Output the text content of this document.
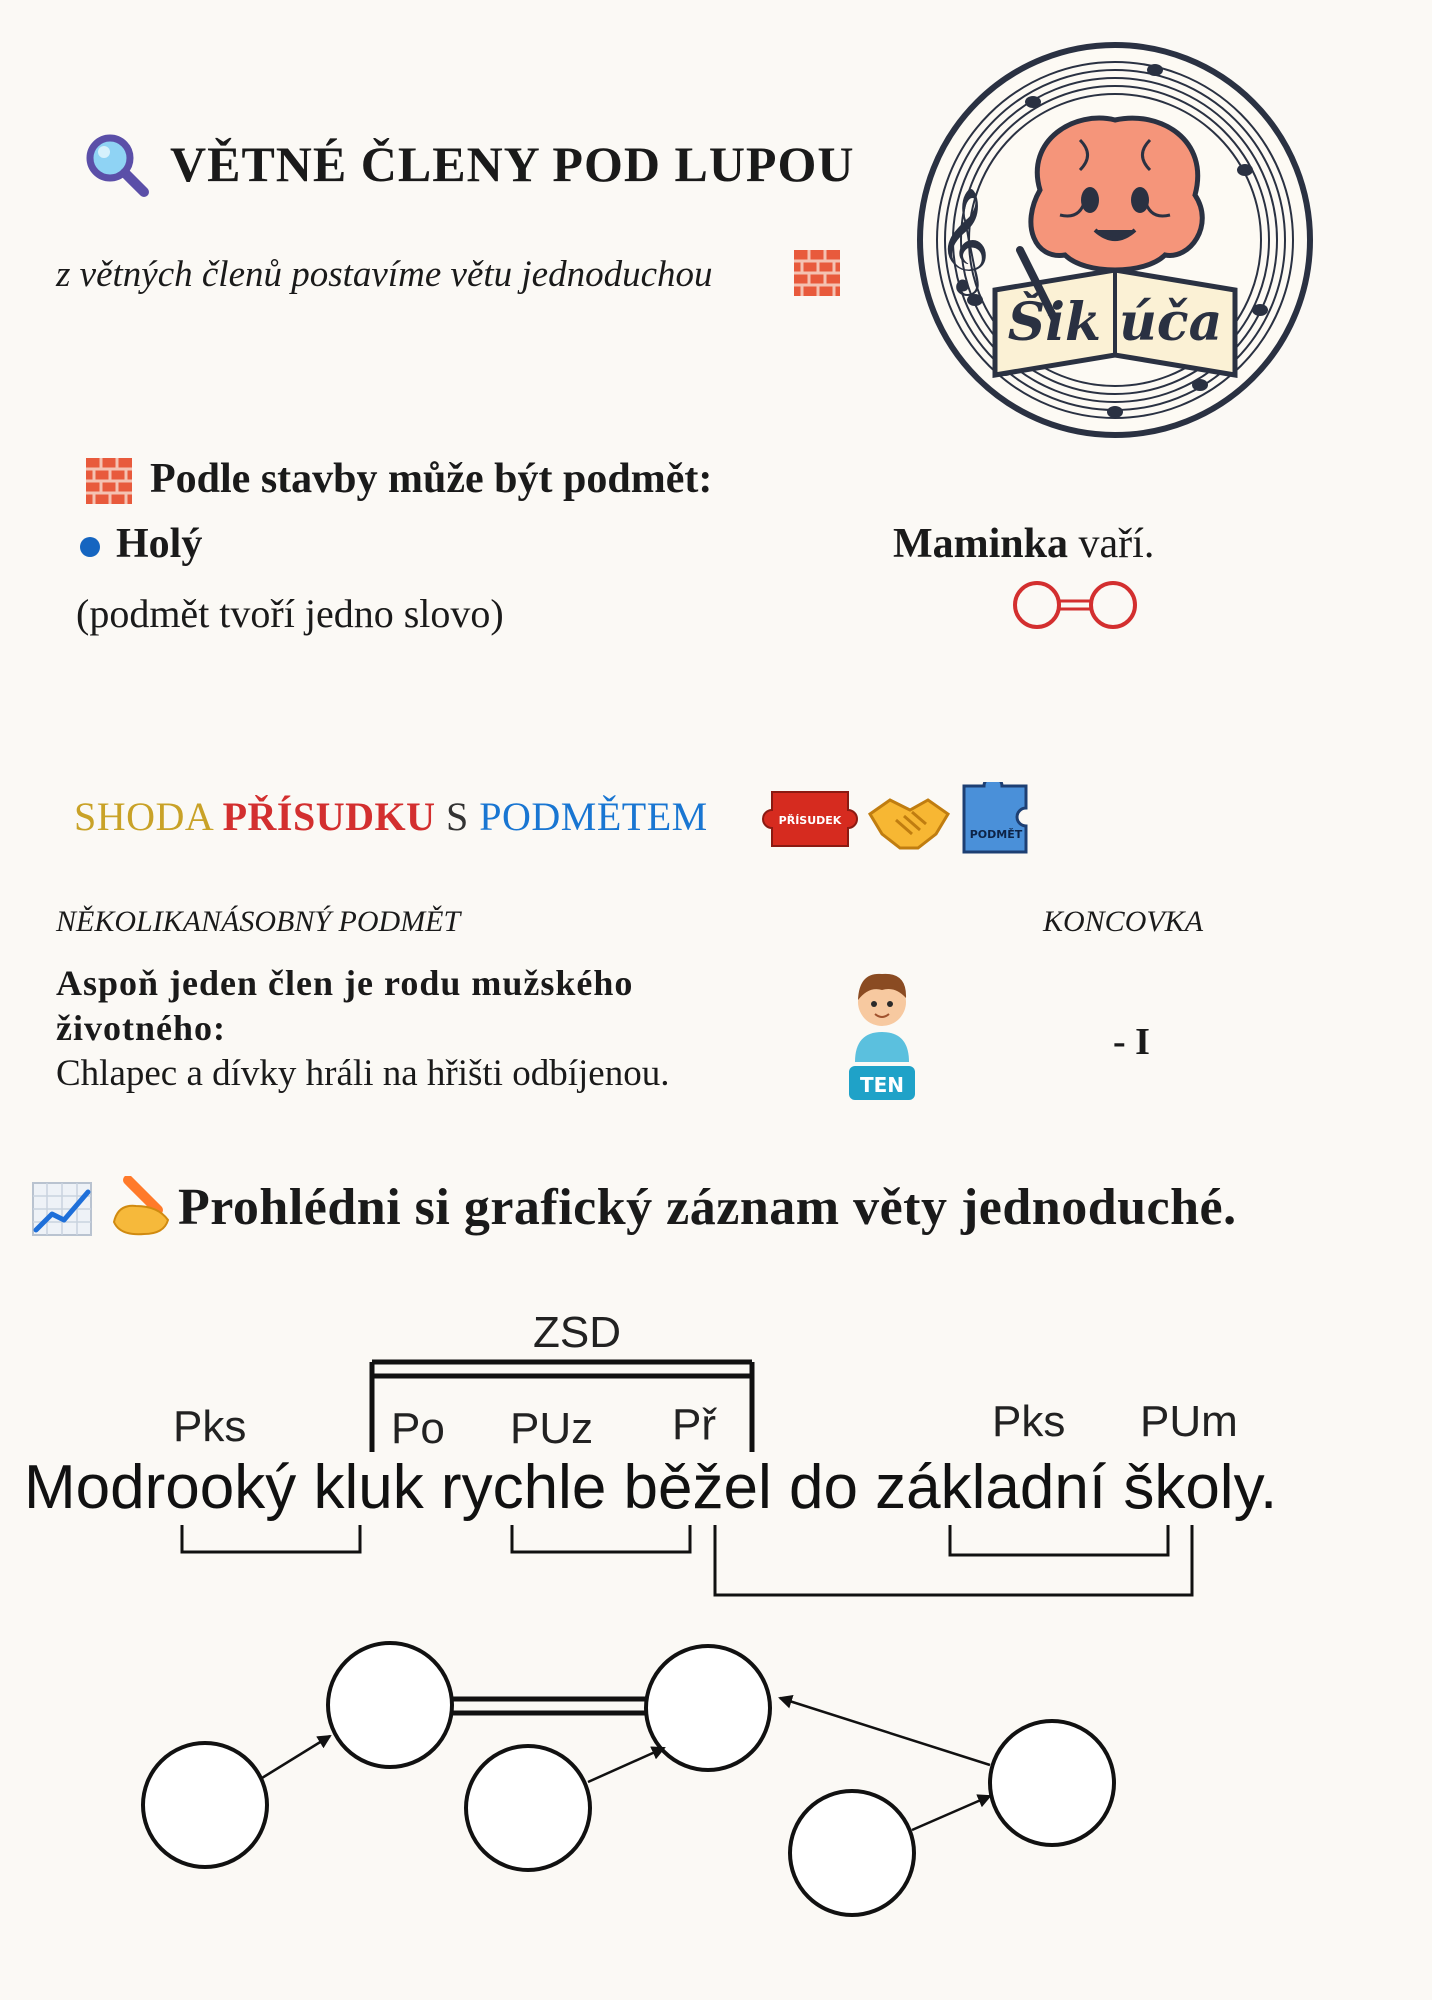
VĚTNÉ ČLENY POD LUPOU
z větných členů postavíme větu jednoduchou 𝄞
Šik úča
Podle stavby může být podmět:
Holý
(podmět tvoří jedno slovo)
Maminka vaří.
SHODA PŘÍSUDKU S PODMĚTEM	PŘÍSUDEK
PODMĚT
NĚKOLIKANÁSOBNÝ PODMĚT	KONCOVKA
Aspoň jeden člen je rodu mužského
životného:
Chlapec a dívky hráli na hřišti odbíjenou.	TEN
- I
Prohlédni si grafický záznam věty jednoduché.
ZSD
Pks	Po PUz Př	Pks PUm
Modrooký kluk rychle běžel do základní školy.
